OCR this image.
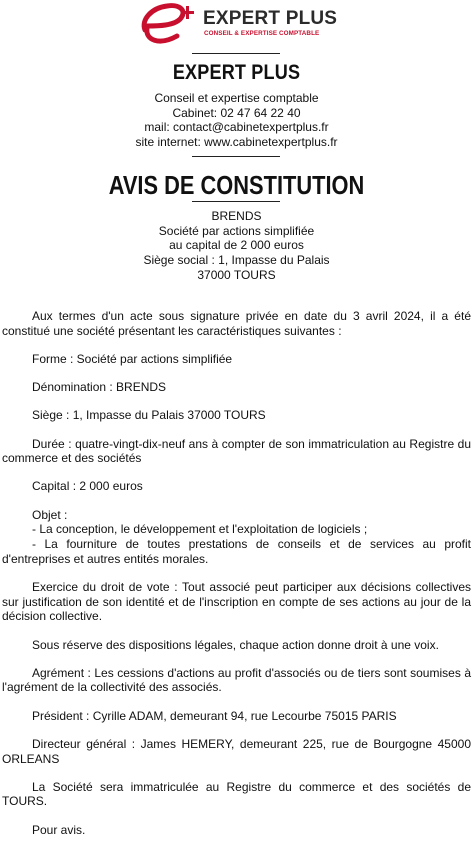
EXPERT PLUS
CONSEIL & EXPERTISE COMPTABLE
EXPERT PLUS
Conseil et expertise comptable
Cabinet: 02 47 64 22 40
mail: contact@cabinetexpertplus.fr
site internet: www.cabinetexpertplus.fr
AVIS DE CONSTITUTION
BRENDS
Société par actions simplifiée
au capital de 2 000 euros
Siège social : 1, Impasse du Palais
37000 TOURS

Aux termes d'un acte sous signature privée en date du 3 avril 2024, il a été constitué une société présentant les caractéristiques suivantes :

Forme : Société par actions simplifiée

Dénomination : BRENDS

Siège : 1, Impasse du Palais 37000 TOURS

Durée : quatre-vingt-dix-neuf ans à compter de son immatriculation au Registre du commerce et des sociétés

Capital : 2 000 euros

Objet :

- La conception, le développement et l'exploitation de logiciels ;

- La fourniture de toutes prestations de conseils et de services au profit d'entreprises et autres entités morales.

Exercice du droit de vote : Tout associé peut participer aux décisions collectives sur justification de son identité et de l'inscription en compte de ses actions au jour de la décision collective.

Sous réserve des dispositions légales, chaque action donne droit à une voix.

Agrément : Les cessions d'actions au profit d'associés ou de tiers sont soumises à l'agrément de la collectivité des associés.

Président : Cyrille ADAM, demeurant 94, rue Lecourbe 75015 PARIS

Directeur général : James HEMERY, demeurant 225, rue de Bourgogne 45000 ORLEANS

La Société sera immatriculée au Registre du commerce et des sociétés de TOURS.

Pour avis.
